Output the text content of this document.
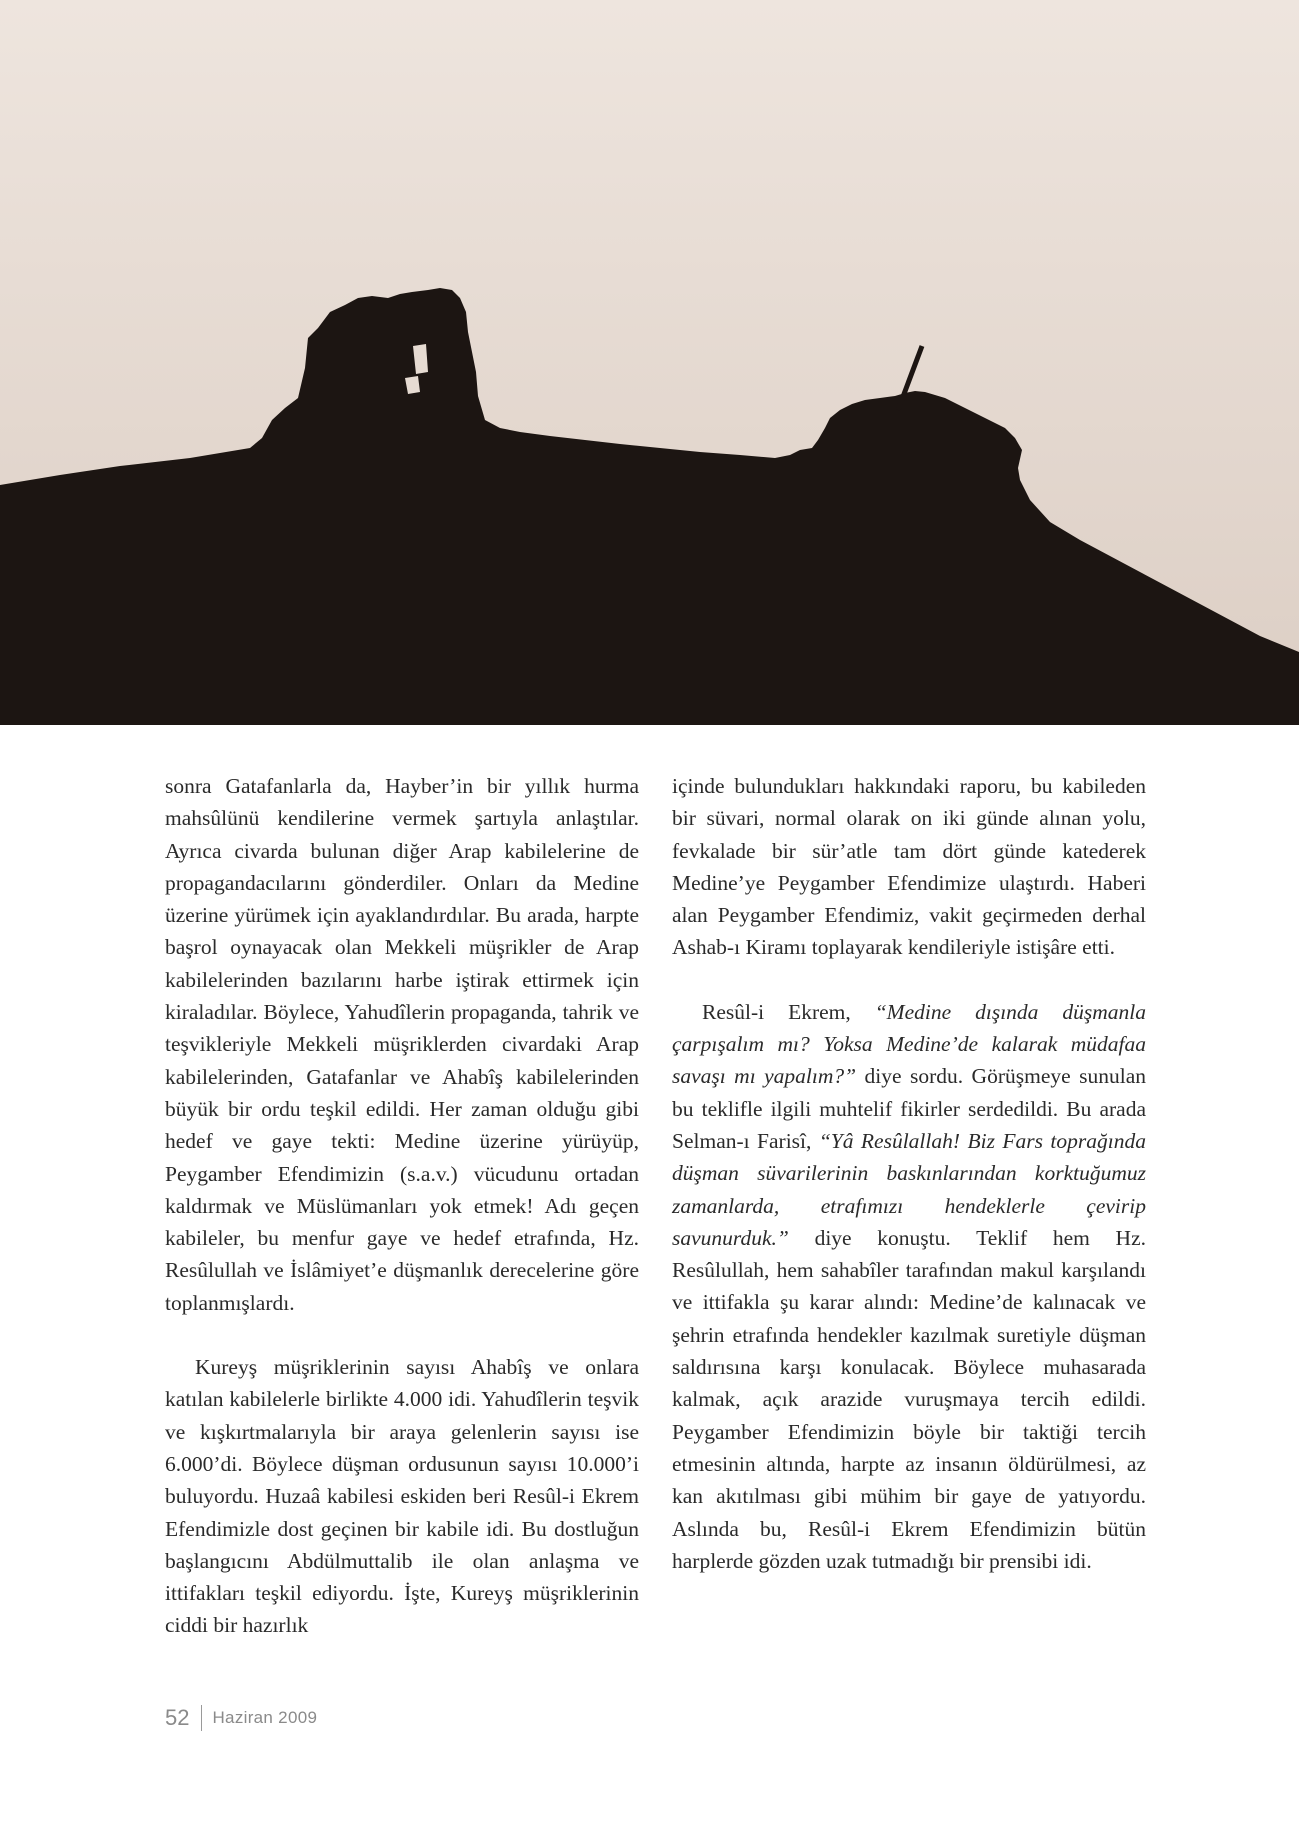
sonra Gatafanlarla da, Hayber’in bir yıllık hurma mahsûlünü kendilerine vermek şartıyla anlaştılar. Ayrıca civarda bulunan diğer Arap kabilelerine de propagandacılarını gönderdiler. Onları da Medine üzerine yürümek için ayaklandırdılar. Bu arada, harpte başrol oynayacak olan Mekkeli müşrikler de Arap kabilelerinden bazılarını harbe iştirak ettirmek için kiraladılar. Böylece, Yahudîlerin propaganda, tahrik ve teşvikleriyle Mekkeli müşriklerden civardaki Arap kabilelerinden, Gatafanlar ve Ahabîş kabilelerinden büyük bir ordu teşkil edildi. Her zaman olduğu gibi hedef ve gaye tekti: Medine üzerine yürüyüp, Peygamber Efendimizin (s.a.v.) vücudunu ortadan kaldırmak ve Müslümanları yok etmek! Adı geçen kabileler, bu menfur gaye ve hedef etrafında, Hz. Resûlullah ve İslâmiyet’e düşmanlık derecelerine göre toplanmışlardı.

Kureyş müşriklerinin sayısı Ahabîş ve onlara katılan kabilelerle birlikte 4.000 idi. Yahudîlerin teşvik ve kışkırtmalarıyla bir araya gelenlerin sayısı ise 6.000’di. Böylece düşman ordusunun sayısı 10.000’i buluyordu. Huzaâ kabilesi eskiden beri Resûl-i Ekrem Efendimizle dost geçinen bir kabile idi. Bu dostluğun başlangıcını Abdülmuttalib ile olan anlaşma ve ittifakları teşkil ediyordu. İşte, Kureyş müşriklerinin ciddi bir hazırlık

içinde bulundukları hakkındaki raporu, bu kabileden bir süvari, normal olarak on iki günde alınan yolu, fevkalade bir sür’atle tam dört günde katederek Medine’ye Peygamber Efendimize ulaştırdı. Haberi alan Peygamber Efendimiz, vakit geçirmeden derhal Ashab-ı Kiramı toplayarak kendileriyle istişâre etti.

Resûl-i Ekrem, “Medine dışında düşmanla çarpışalım mı? Yoksa Medine’de kalarak müdafaa savaşı mı yapalım?” diye sordu. Görüşmeye sunulan bu teklifle ilgili muhtelif fikirler serdedildi. Bu arada Selman-ı Farisî, “Yâ Resûlallah! Biz Fars toprağında düşman süvarilerinin baskınlarından korktuğumuz zamanlarda, etrafımızı hendeklerle çevirip savunurduk.” diye konuştu. Teklif hem Hz. Resûlullah, hem sahabîler tarafından makul karşılandı ve ittifakla şu karar alındı: Medine’de kalınacak ve şehrin etrafında hendekler kazılmak suretiyle düşman saldırısına karşı konulacak. Böylece muhasarada kalmak, açık arazide vuruşmaya tercih edildi. Peygamber Efendimizin böyle bir taktiği tercih etmesinin altında, harpte az insanın öldürülmesi, az kan akıtılması gibi mühim bir gaye de yatıyordu. Aslında bu, Resûl-i Ekrem Efendimizin bütün harplerde gözden uzak tutmadığı bir prensibi idi.

52 Haziran 2009
